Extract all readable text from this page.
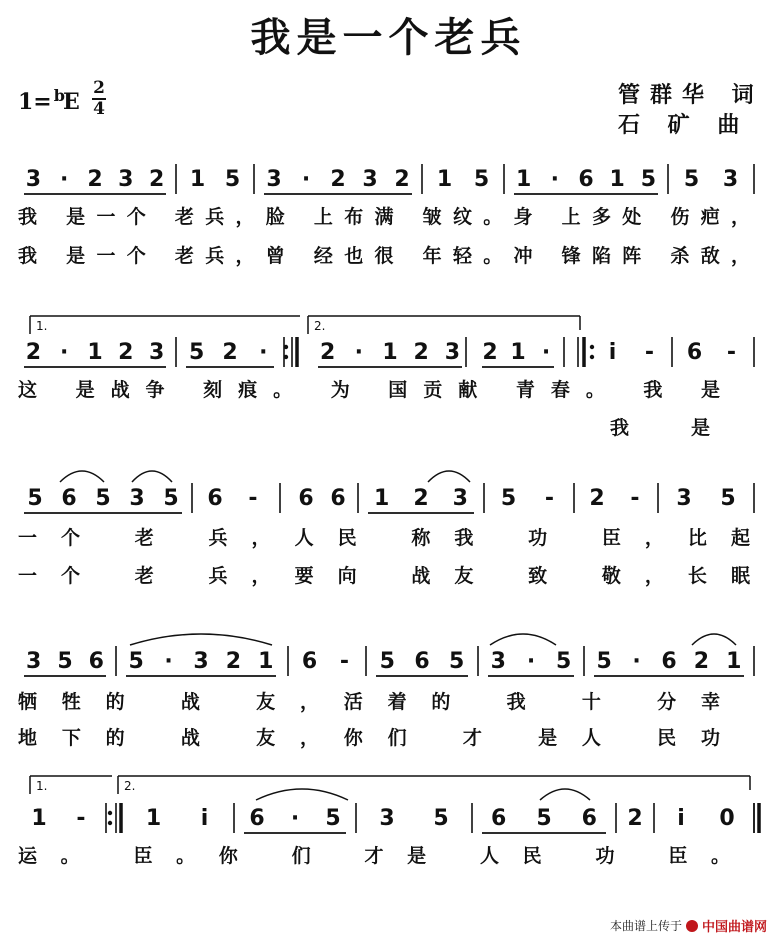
我是一个老兵
1= $^b$E
2
4
管群华 词
石 矿 曲
3 · 2 3 2 1 5 3 · 2 3 2 1 5 1 · 6 1 5 5 3
我 是一个 老兵，脸 上布满 皱纹。身 上多处 伤疤，
我 是一个 老兵，曾 经也很 年轻。冲 锋陷阵 杀敌，
1.	2.
2 · 1 2 3 5 2 · 2 · 1 2 3 2 1 ·	i - 6 -
这 是战争 刻痕。 为 国贡献 青春。 我 是
我 是
5 6 5 3 5 6 - 6 6 1 2 3 5 - 2 - 3 5
一个 老 兵，人民 称我 功 臣，比起
一个 老 兵，要向 战友 致 敬，长眠
3 5 6 5 · 3 2 1 6 - 5 6 5 3 · 5 5 · 6 2 1
牺牲的 战 友，活着的 我 十 分幸
地下的 战 友，你们 才 是人 民功
1.	2.
1 -	1 i 6 · 5 3 5 6 5 6 2 i 0
运。 臣。你 们 才是 人民 功 臣。
本曲谱上传于 中国曲谱网
